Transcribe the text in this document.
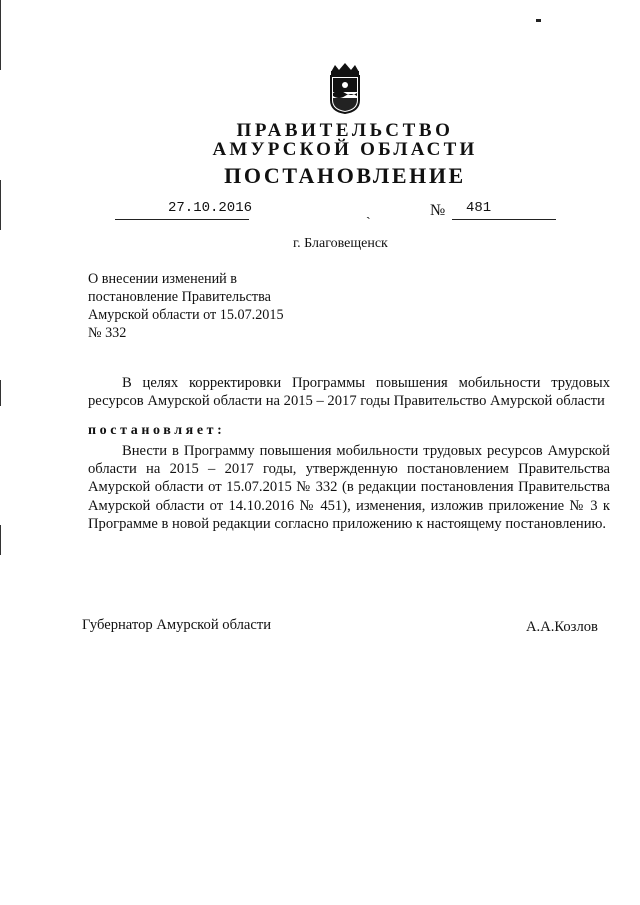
ПРАВИТЕЛЬСТВО
АМУРСКОЙ ОБЛАСТИ
ПОСТАНОВЛЕНИЕ
27.10.2016	ˎ	№ 481
г. Благовещенск
О внесении изменений в
постановление Правительства
Амурской области от 15.07.2015
№ 332
В целях корректировки Программы повышения мобильности трудовых ресурсов Амурской области на 2015 – 2017 годы Правительство Амурской области
постановляет:
Внести в Программу повышения мобильности трудовых ресурсов Амурской области на 2015 – 2017 годы, утвержденную постановлением Правительства Амурской области от 15.07.2015 № 332 (в редакции постановления Правительства Амурской области от 14.10.2016 № 451), изменения, изложив приложение № 3 к Программе в новой редакции согласно приложению к настоящему постановлению.
Губернатор Амурской области	А.А.Козлов
